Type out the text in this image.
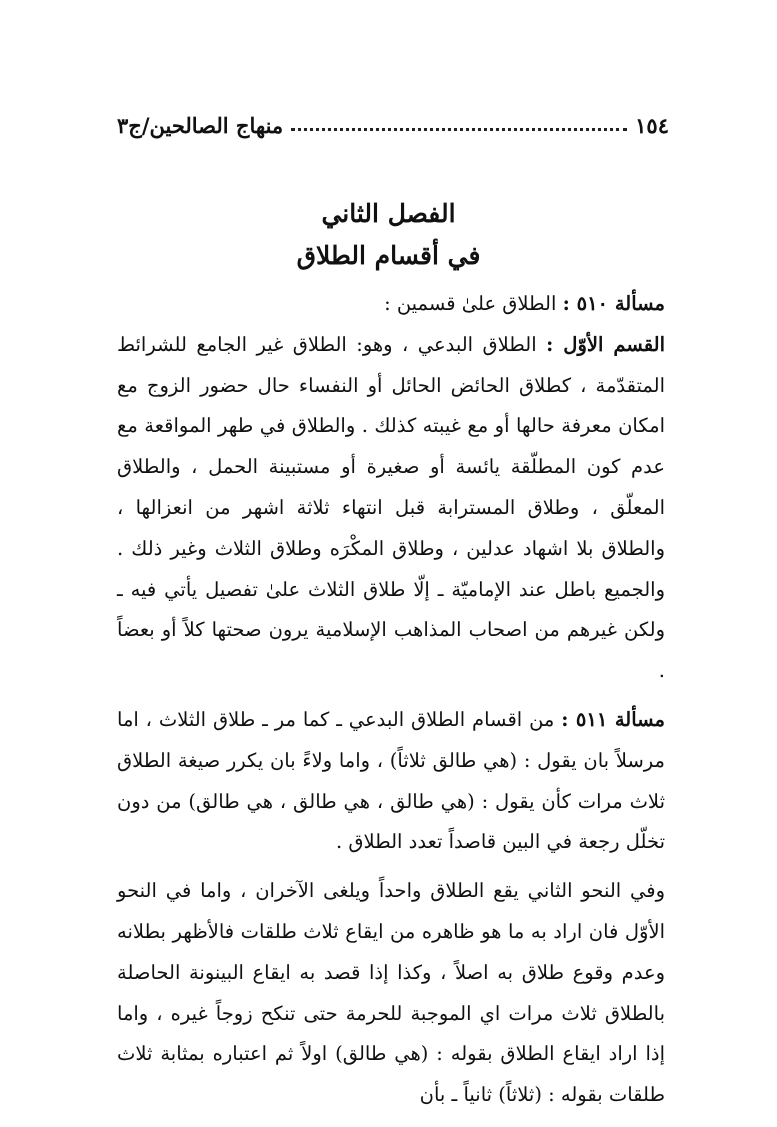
١٥٤
منهاج الصالحين/ج٣
الفصل الثاني
في أقسام الطلاق

مسألة ٥١٠ : الطلاق علىٰ قسمين :

القسم الأوّل : الطلاق البدعي ، وهو: الطلاق غير الجامع للشرائط المتقدّمة ، كطلاق الحائض الحائل أو النفساء حال حضور الزوج مع امكان معرفة حالها أو مع غيبته كذلك . والطلاق في طهر المواقعة مع عدم كون المطلّقة يائسة أو صغيرة أو مستبينة الحمل ، والطلاق المعلّق ، وطلاق المسترابة قبل انتهاء ثلاثة اشهر من انعزالها ، والطلاق بلا اشهاد عدلين ، وطلاق المكْرَه وطلاق الثلاث وغير ذلك . والجميع باطل عند الإماميّة ـ إلّا طلاق الثلاث علىٰ تفصيل يأتي فيه ـ ولكن غيرهم من اصحاب المذاهب الإسلامية يرون صحتها كلاً أو بعضاً .

مسألة ٥١١ : من اقسام الطلاق البدعي ـ كما مر ـ طلاق الثلاث ، اما مرسلاً بان يقول : (هي طالق ثلاثاً) ، واما ولاءً بان يكرر صيغة الطلاق ثلاث مرات كأن يقول : (هي طالق ، هي طالق ، هي طالق) من دون تخلّل رجعة في البين قاصداً تعدد الطلاق .

وفي النحو الثاني يقع الطلاق واحداً ويلغى الآخران ، واما في النحو الأوّل فان اراد به ما هو ظاهره من ايقاع ثلاث طلقات فالأظهر بطلانه وعدم وقوع طلاق به اصلاً ، وكذا إذا قصد به ايقاع البينونة الحاصلة بالطلاق ثلاث مرات اي الموجبة للحرمة حتى تنكح زوجاً غيره ، واما إذا اراد ايقاع الطلاق بقوله : (هي طالق) اولاً ثم اعتباره بمثابة ثلاث طلقات بقوله : (ثلاثاً) ثانياً ـ بأن
